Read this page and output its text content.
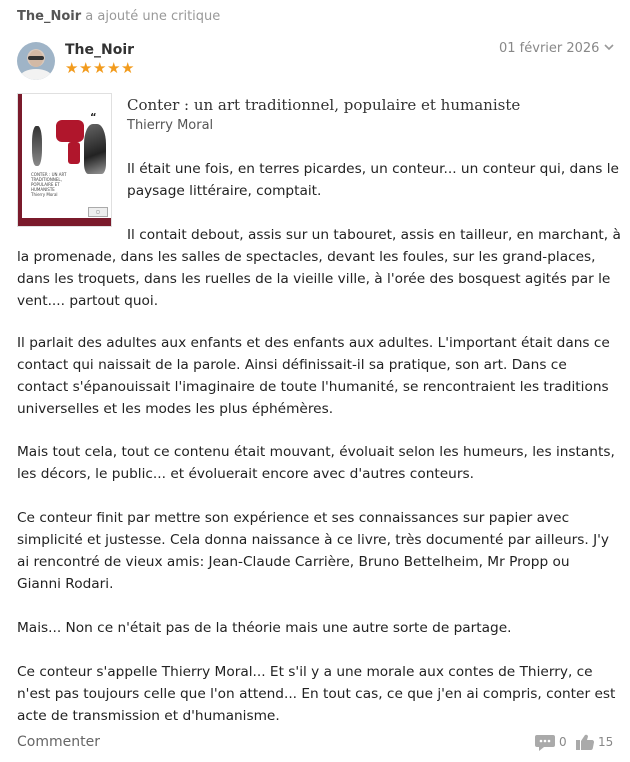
The_Noir a ajouté une critique
The_Noir
★ ★ ★ ★ ★
01 février 2026
“
CONTER : UN ART TRADITIONNEL, POPULAIRE ET HUMANISTE
Thierry Moral
▢
Conter : un art traditionnel, populaire et humaniste
Thierry Moral

Il était une fois, en terres picardes, un conteur... un conteur qui, dans le
paysage littéraire, comptait.

Il contait debout, assis sur un tabouret, assis en tailleur, en marchant, à
la promenade, dans les salles de spectacles, devant les foules, sur les grand-places,
dans les troquets, dans les ruelles de la vieille ville, à l'orée des bosquest agités par le
vent.... partout quoi.

Il parlait des adultes aux enfants et des enfants aux adultes. L'important était dans ce
contact qui naissait de la parole. Ainsi définissait-il sa pratique, son art. Dans ce
contact s'épanouissait l'imaginaire de toute l'humanité, se rencontraient les traditions
universelles et les modes les plus éphémères.

Mais tout cela, tout ce contenu était mouvant, évoluait selon les humeurs, les instants,
les décors, le public... et évoluerait encore avec d'autres conteurs.

Ce conteur finit par mettre son expérience et ses connaissances sur papier avec
simplicité et justesse. Cela donna naissance à ce livre, très documenté par ailleurs. J'y
ai rencontré de vieux amis: Jean-Claude Carrière, Bruno Bettelheim, Mr Propp ou
Gianni Rodari.

Mais... Non ce n'était pas de la théorie mais une autre sorte de partage.

Ce conteur s'appelle Thierry Moral... Et s'il y a une morale aux contes de Thierry, ce
n'est pas toujours celle que l'on attend... En tout cas, ce que j'en ai compris, conter est
acte de transmission et d'humanisme.

Commenter	0	15
